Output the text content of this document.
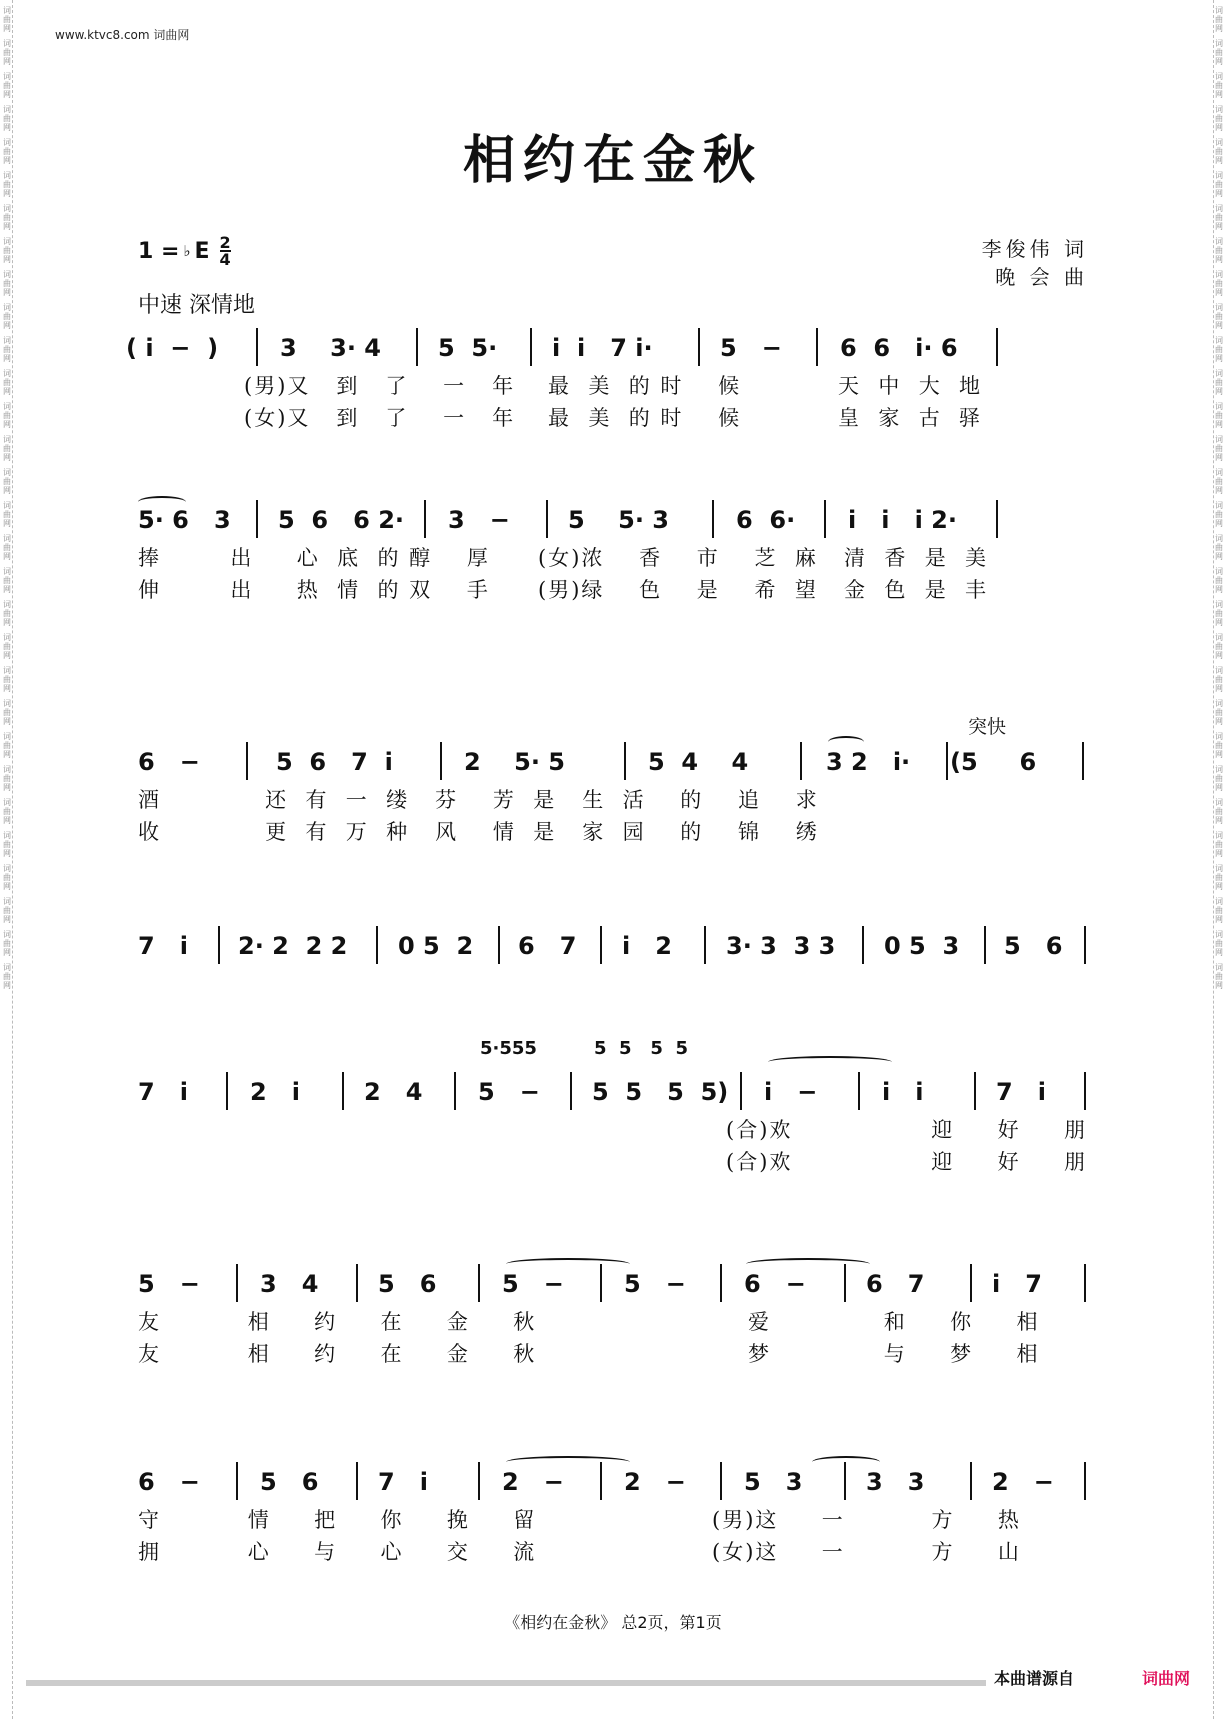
词曲网
词曲网
词曲网
词曲网
词曲网
词曲网
词曲网
词曲网
词曲网
词曲网
词曲网
词曲网
词曲网
词曲网
词曲网
词曲网
词曲网
词曲网
词曲网
词曲网
词曲网
词曲网
词曲网
词曲网
词曲网
词曲网
词曲网
词曲网
词曲网
词曲网
词曲网
词曲网
词曲网
词曲网
词曲网
词曲网
词曲网
词曲网
词曲网
词曲网
词曲网
词曲网
词曲网
词曲网
词曲网
词曲网
词曲网
词曲网
词曲网
词曲网
词曲网
词曲网
词曲网
词曲网
词曲网
词曲网
词曲网
词曲网
词曲网
词曲网
www.ktvc8.com 词曲网
相约在金秋
1 = ♭ E $\frac{2}{4}$
中速 深情地
李俊伟 词
晚 会 曲
( i  −  )	3    3· 4 5  5· i  i   7 i·	5   − 6  6   i· 6
(男)又   到   了    一   年 最  美  的 时    候	天  中  大  地
(女)又   到   了    一   年 最  美  的 时    候	皇  家  古  驿
5· 6   3 5  6   6 2· 3   − 5    5· 3	6  6· i   i   i 2·
捧        出     心  底  的 醇    厚 (女)浓    香    市    芝  麻 清  香  是  美
伸        出     热  情  的 双    手 (男)绿    色    是    希  望 金  色  是  丰
突快
6   −	5  6   7  i	2    5· 5	5  4    4	3 2   i· (5     6
酒            还  有  一  缕   芬    芳  是   生  活    的    追    求
收            更  有  万  种   风    情  是   家  园    的    锦    绣
7   i 2· 2  2 2 0 5  2 6   7 i   2 3· 3  3 3 0 5  3 5   6
5·555	5  5   5  5
7   i	2   i	2   4 5   − 5  5   5  5) i   −	i   i	7   i
(合)欢                迎     好     朋
(合)欢                迎     好     朋
5   −	3   4 5   6	5   −	5   − 6   −	6   7	i   7
友          相     约     在     金     秋	爱             和     你     相
友          相     约     在     金     秋	梦             与     梦     相
6   −	5   6 7   i	2   −	2   − 5   3	3   3	2   −
守          情     把     你     挽     留	(男)这     一          方     热
拥          心     与     心     交     流	(女)这     一          方     山
《相约在金秋》 总2页，第1页
本曲谱源自	词曲网
